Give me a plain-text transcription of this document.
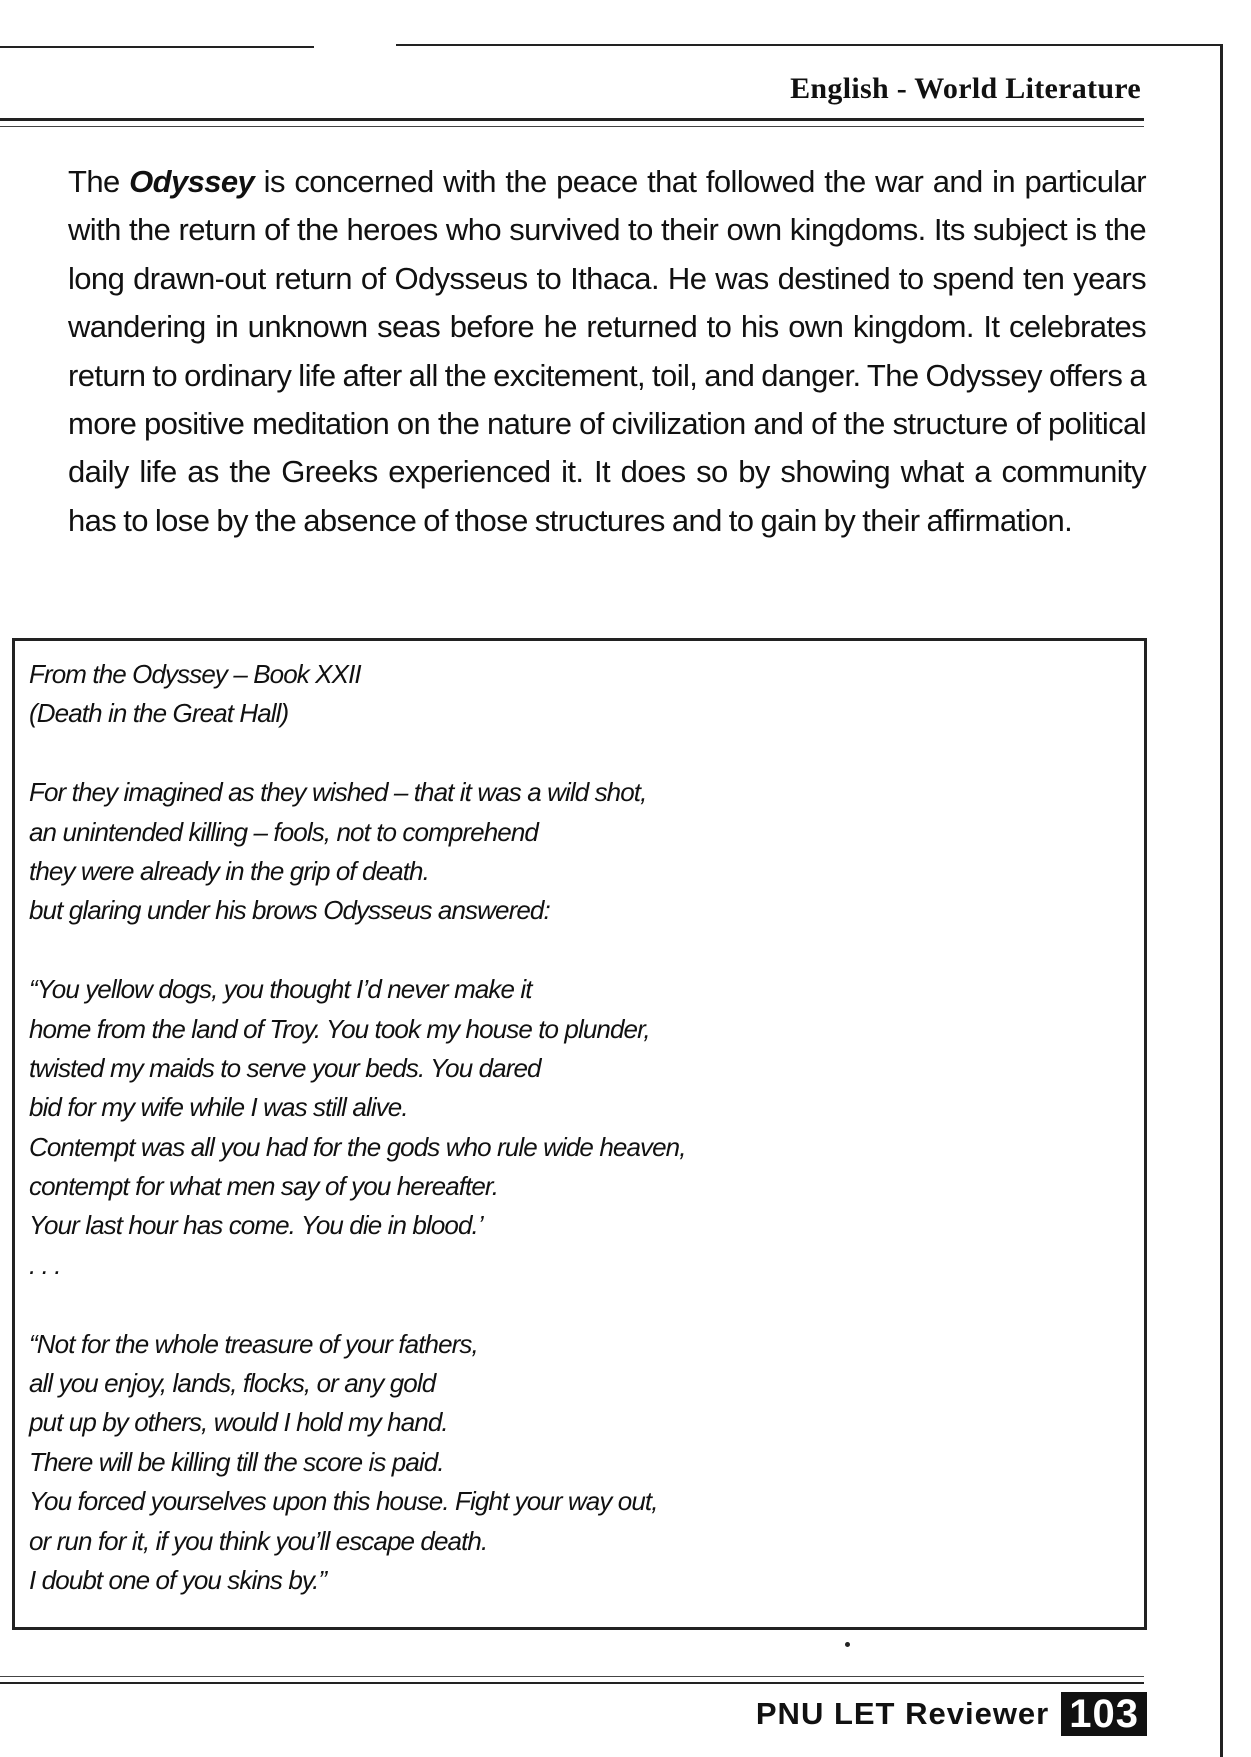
English - World Literature
The Odyssey is concerned with the peace that followed the war and in particular with the return of the heroes who survived to their own kingdoms. Its subject is the long drawn-out return of Odysseus to Ithaca. He was destined to spend ten years wandering in unknown seas before he returned to his own kingdom. It celebrates return to ordinary life after all the excitement, toil, and danger. The Odyssey offers a more positive meditation on the nature of civilization and of the structure of political daily life as the Greeks experienced it. It does so by showing what a community has to lose by the absence of those structures and to gain by their affirmation.
From the Odyssey – Book XXII
(Death in the Great Hall)
For they imagined as they wished – that it was a wild shot,
an unintended killing – fools, not to comprehend
they were already in the grip of death.
but glaring under his brows Odysseus answered:
“You yellow dogs, you thought I’d never make it
home from the land of Troy. You took my house to plunder,
twisted my maids to serve your beds. You dared
bid for my wife while I was still alive.
Contempt was all you had for the gods who rule wide heaven,
contempt for what men say of you hereafter.
Your last hour has come. You die in blood.’
. . .
“Not for the whole treasure of your fathers,
all you enjoy, lands, flocks, or any gold
put up by others, would I hold my hand.
There will be killing till the score is paid.
You forced yourselves upon this house. Fight your way out,
or run for it, if you think you’ll escape death.
I doubt one of you skins by.”
PNU LET Reviewer 103
